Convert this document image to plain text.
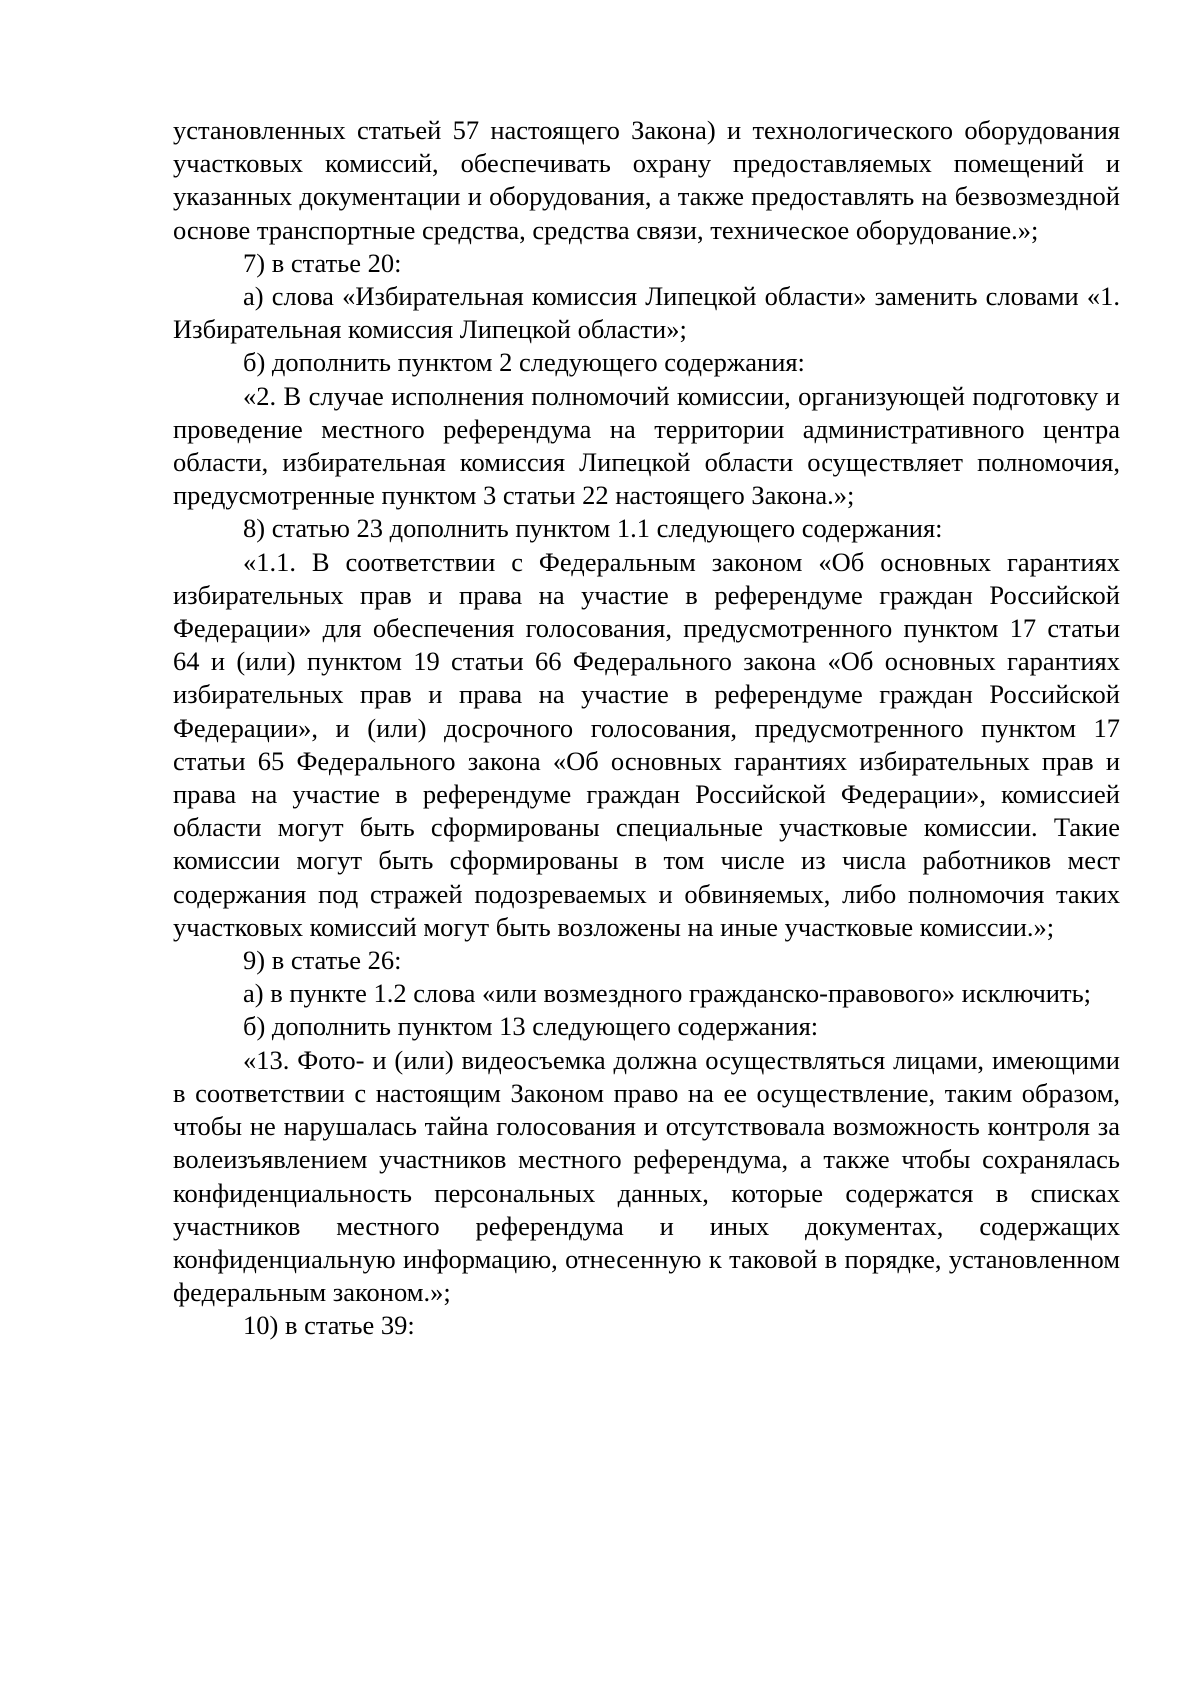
установленных статьей 57 настоящего Закона) и технологического оборудования участковых комиссий, обеспечивать охрану предоставляемых помещений и указанных документации и оборудования, а также предоставлять на безвозмездной основе транспортные средства, средства связи, техническое оборудование.»;

7) в статье 20:

а) слова «Избирательная комиссия Липецкой области» заменить словами «1. Избирательная комиссия Липецкой области»;

б) дополнить пунктом 2 следующего содержания:

«2. В случае исполнения полномочий комиссии, организующей подготовку и проведение местного референдума на территории административного центра области, избирательная комиссия Липецкой области осуществляет полномочия, предусмотренные пунктом 3 статьи 22 настоящего Закона.»;

8) статью 23 дополнить пунктом 1.1 следующего содержания:

«1.1. В соответствии с Федеральным законом «Об основных гарантиях избирательных прав и права на участие в референдуме граждан Российской Федерации» для обеспечения голосования, предусмотренного пунктом 17 статьи 64 и (или) пунктом 19 статьи 66 Федерального закона «Об основных гарантиях избирательных прав и права на участие в референдуме граждан Российской Федерации», и (или) досрочного голосования, предусмотренного пунктом 17 статьи 65 Федерального закона «Об основных гарантиях избирательных прав и права на участие в референдуме граждан Российской Федерации», комиссией области могут быть сформированы специальные участковые комиссии. Такие комиссии могут быть сформированы в том числе из числа работников мест содержания под стражей подозреваемых и обвиняемых, либо полномочия таких участковых комиссий могут быть возложены на иные участковые комиссии.»;

9) в статье 26:

а) в пункте 1.2 слова «или возмездного гражданско-правового» исключить;

б) дополнить пунктом 13 следующего содержания:

«13. Фото- и (или) видеосъемка должна осуществляться лицами, имеющими в соответствии с настоящим Законом право на ее осуществление, таким образом, чтобы не нарушалась тайна голосования и отсутствовала возможность контроля за волеизъявлением участников местного референдума, а также чтобы сохранялась конфиденциальность персональных данных, которые содержатся в списках участников местного референдума и иных документах, содержащих конфиденциальную информацию, отнесенную к таковой в порядке, установленном федеральным законом.»;

10) в статье 39:
